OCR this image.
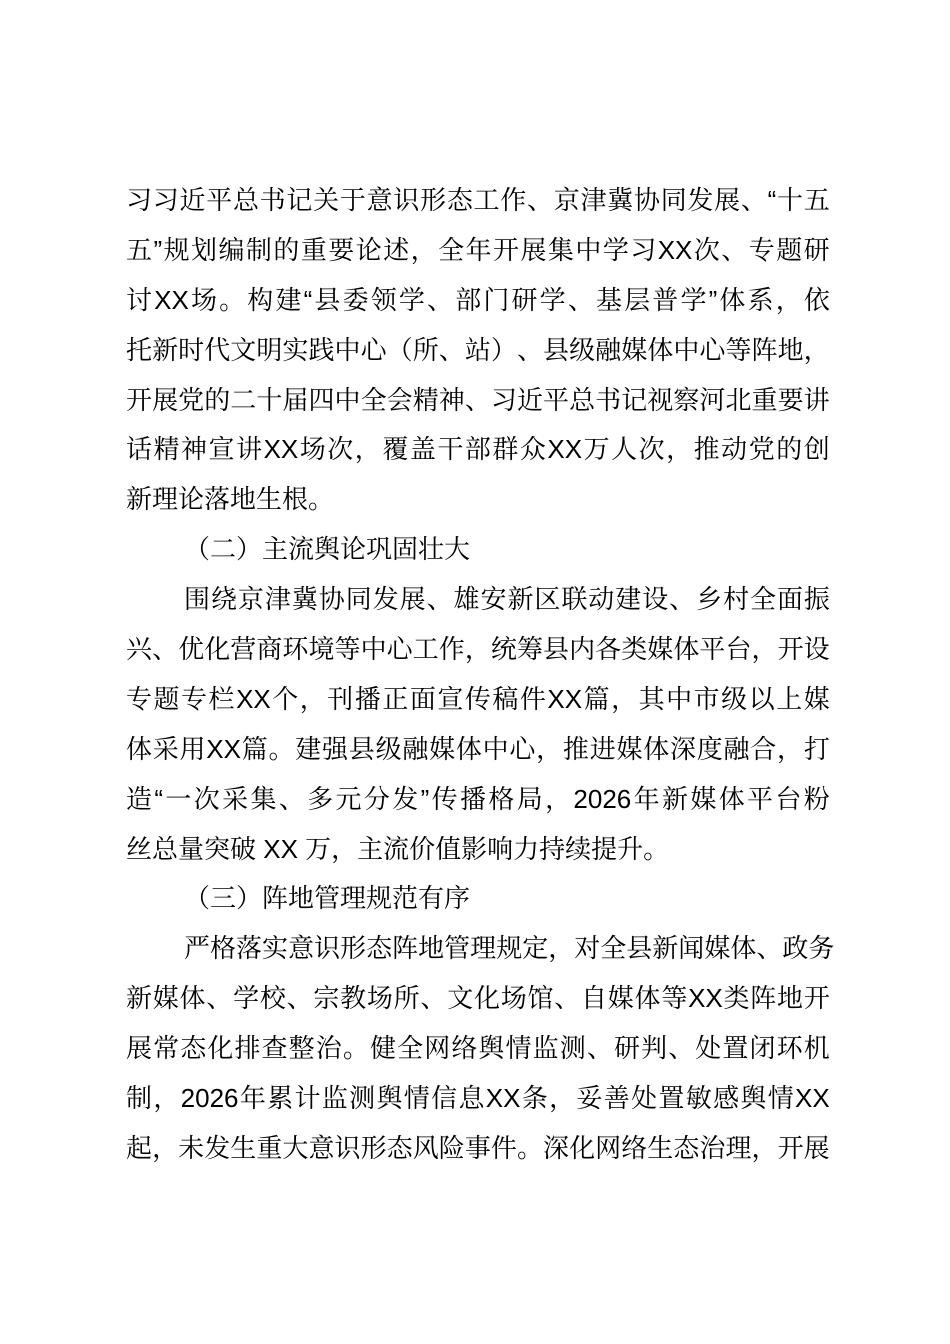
习 习 近 平 总 书 记 关 于 意 识 形 态 工 作 、 京 津 冀 协 同 发 展 、 “ 十 五
五 ” 规 划 编 制 的 重 要 论 述 ， 全 年 开 展 集 中 学 习 XX 次 、 专 题 研
讨 XX 场 。 构 建 “ 县 委 领 学 、 部 门 研 学 、 基 层 普 学 ” 体 系 ， 依
托 新 时 代 文 明 实 践 中 心 （ 所 、 站 ） 、 县 级 融 媒 体 中 心 等 阵 地 ，
开 展 党 的 二 十 届 四 中 全 会 精 神 、 习 近 平 总 书 记 视 察 河 北 重 要 讲
话 精 神 宣 讲 XX 场 次 ， 覆 盖 干 部 群 众 XX 万 人 次 ， 推 动 党 的 创
新理论落地生根。
（二）主流舆论巩固壮大
围 绕 京 津 冀 协 同 发 展 、 雄 安 新 区 联 动 建 设 、 乡 村 全 面 振
兴 、 优 化 营 商 环 境 等 中 心 工 作 ， 统 筹 县 内 各 类 媒 体 平 台 ， 开 设
专 题 专 栏 XX 个 ， 刊 播 正 面 宣 传 稿 件 XX 篇 ， 其 中 市 级 以 上 媒
体 采 用 XX 篇 。 建 强 县 级 融 媒 体 中 心 ， 推 进 媒 体 深 度 融 合 ， 打
造 “ 一 次 采 集 、 多 元 分 发 ” 传 播 格 局 ， 2026 年 新 媒 体 平 台 粉
丝总量突破 XX 万，主流价值影响力持续提升。
（三）阵地管理规范有序
严 格 落 实 意 识 形 态 阵 地 管 理 规 定 ， 对 全 县 新 闻 媒 体 、 政 务
新 媒 体 、 学 校 、 宗 教 场 所 、 文 化 场 馆 、 自 媒 体 等 XX 类 阵 地 开
展 常 态 化 排 查 整 治 。 健 全 网 络 舆 情 监 测 、 研 判 、 处 置 闭 环 机
制 ， 2026 年 累 计 监 测 舆 情 信 息 XX 条 ， 妥 善 处 置 敏 感 舆 情 XX
起 ， 未 发 生 重 大 意 识 形 态 风 险 事 件 。 深 化 网 络 生 态 治 理 ， 开 展
